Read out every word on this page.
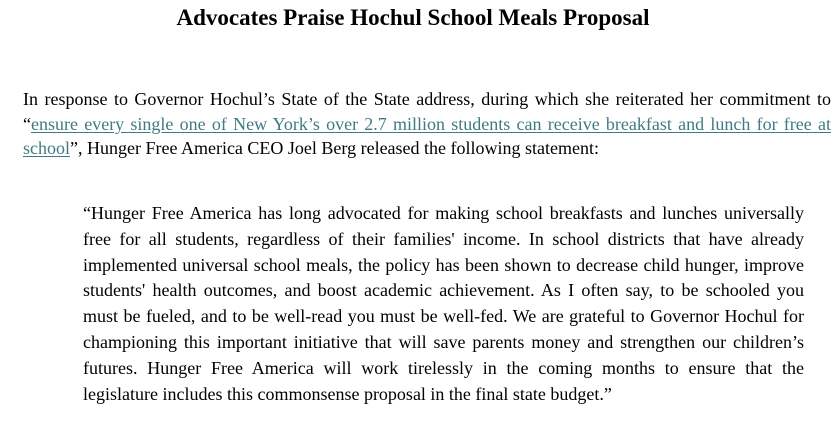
Advocates Praise Hochul School Meals Proposal

In response to Governor Hochul’s State of the State address, during which she reiterated her commitment to “ensure every single one of New York’s over 2.7 million students can receive breakfast and lunch for free at school”, Hunger Free America CEO Joel Berg released the following statement:

“Hunger Free America has long advocated for making school breakfasts and lunches universally free for all students, regardless of their families' income. In school districts that have already implemented universal school meals, the policy has been shown to decrease child hunger, improve students' health outcomes, and boost academic achievement. As I often say, to be schooled you must be fueled, and to be well-read you must be well-fed. We are grateful to Governor Hochul for championing this important initiative that will save parents money and strengthen our children’s futures. Hunger Free America will work tirelessly in the coming months to ensure that the legislature includes this commonsense proposal in the final state budget.”
